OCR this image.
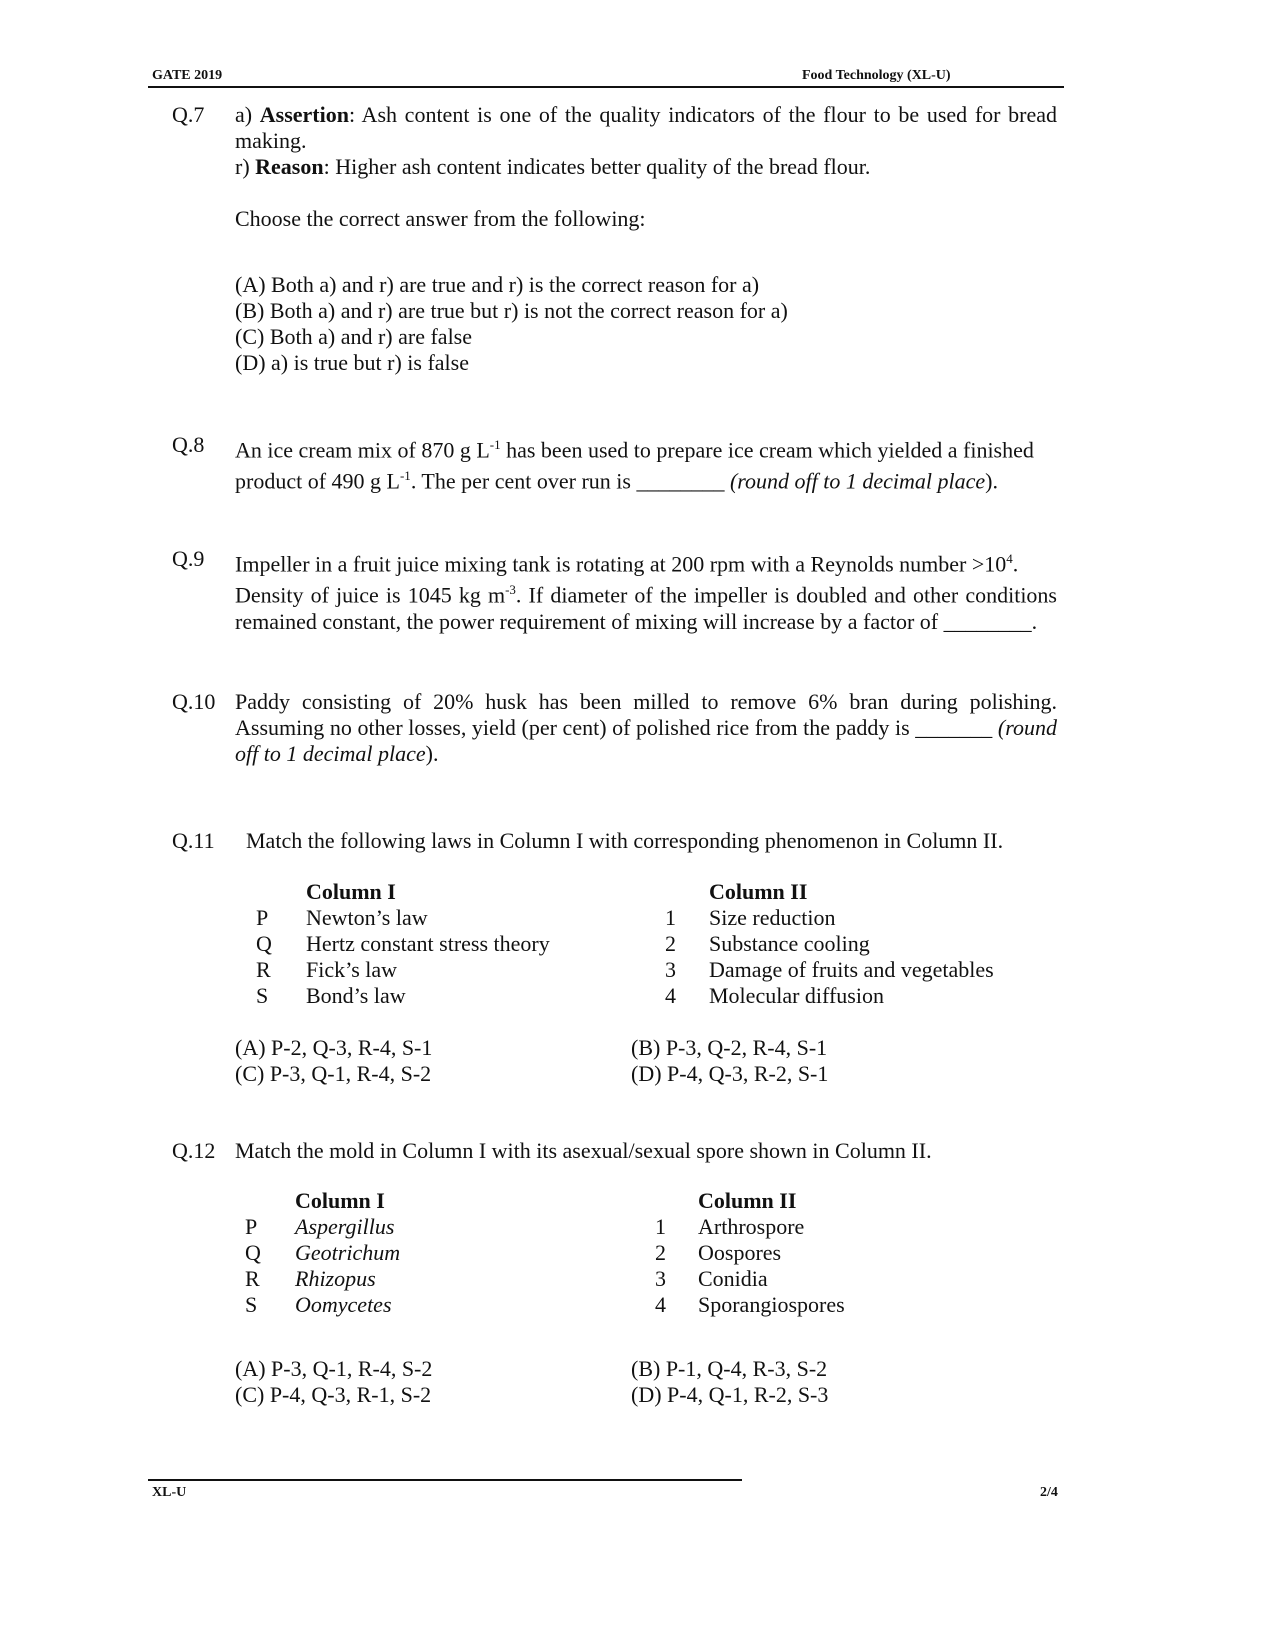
GATE 2019	Food Technology (XL-U)
Q.7 a) Assertion: Ash content is one of the quality indicators of the flour to be used for bread
making.
r) Reason: Higher ash content indicates better quality of the bread flour.
Choose the correct answer from the following:
(A) Both a) and r) are true and r) is the correct reason for a)
(B) Both a) and r) are true but r) is not the correct reason for a)
(C) Both a) and r) are false
(D) a) is true but r) is false
Q.8 An ice cream mix of 870 g $L^{-1}$ has been used to prepare ice cream which yielded a finished
product of 490 g $L^{-1}$. The per cent over run is ________ (round off to 1 decimal place).
Q.9 Impeller in a fruit juice mixing tank is rotating at 200 rpm with a Reynolds number $>10^4$.
Density of juice is 1045 kg $m^{-3}$. If diameter of the impeller is doubled and other conditions
remained constant, the power requirement of mixing will increase by a factor of ________.
Q.10 Paddy consisting of 20% husk has been milled to remove 6% bran during polishing.
Assuming no other losses, yield (per cent) of polished rice from the paddy is _______ (round
off to 1 decimal place).
Q.11 Match the following laws in Column I with corresponding phenomenon in Column II.
Column I	Column II
P Newton’s law	1 Size reduction
Q Hertz constant stress theory	2 Substance cooling
R Fick’s law	3 Damage of fruits and vegetables
S Bond’s law	4 Molecular diffusion
(A) P-2, Q-3, R-4, S-1	(B) P-3, Q-2, R-4, S-1
(C) P-3, Q-1, R-4, S-2	(D) P-4, Q-3, R-2, S-1
Q.12 Match the mold in Column I with its asexual/sexual spore shown in Column II.
Column I	Column II
P Aspergillus	1 Arthrospore
Q Geotrichum	2 Oospores
R Rhizopus	3 Conidia
S Oomycetes	4 Sporangiospores
(A) P-3, Q-1, R-4, S-2	(B) P-1, Q-4, R-3, S-2
(C) P-4, Q-3, R-1, S-2	(D) P-4, Q-1, R-2, S-3
XL-U	2/4
